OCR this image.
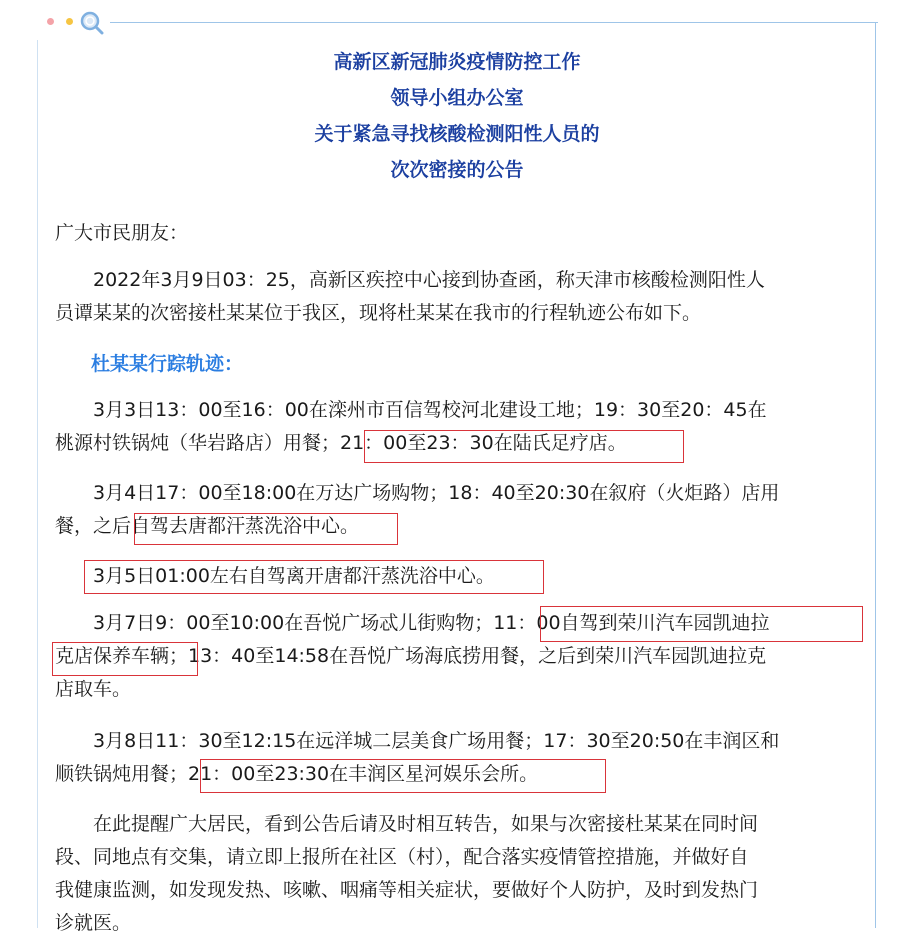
高新区新冠肺炎疫情防控工作
领导小组办公室
关于紧急寻找核酸检测阳性人员的
次次密接的公告

广大市民朋友：

2022年3月9日03：25，高新区疾控中心接到协查函，称天津市核酸检测阳性人
员谭某某的次密接杜某某位于我区，现将杜某某在我市的行程轨迹公布如下。

杜某某行踪轨迹：

3月3日13：00至16：00在滦州市百信驾校河北建设工地；19：30至20：45在
桃源村铁锅炖（华岩路店）用餐；21：00至23：30在陆氏足疗店。

3月4日17：00至18:00在万达广场购物；18：40至20:30在叙府（火炬路）店用
餐，之后自驾去唐都汗蒸洗浴中心。

3月5日01:00左右自驾离开唐都汗蒸洗浴中心。

3月7日9：00至10:00在吾悦广场忒儿街购物；11：00自驾到荣川汽车园凯迪拉
克店保养车辆；13：40至14:58在吾悦广场海底捞用餐，之后到荣川汽车园凯迪拉克
店取车。

3月8日11：30至12:15在远洋城二层美食广场用餐；17：30至20:50在丰润区和
顺铁锅炖用餐；21：00至23:30在丰润区星河娱乐会所。

在此提醒广大居民，看到公告后请及时相互转告，如果与次密接杜某某在同时间
段、同地点有交集，请立即上报所在社区（村），配合落实疫情管控措施，并做好自
我健康监测，如发现发热、咳嗽、咽痛等相关症状，要做好个人防护，及时到发热门
诊就医。
